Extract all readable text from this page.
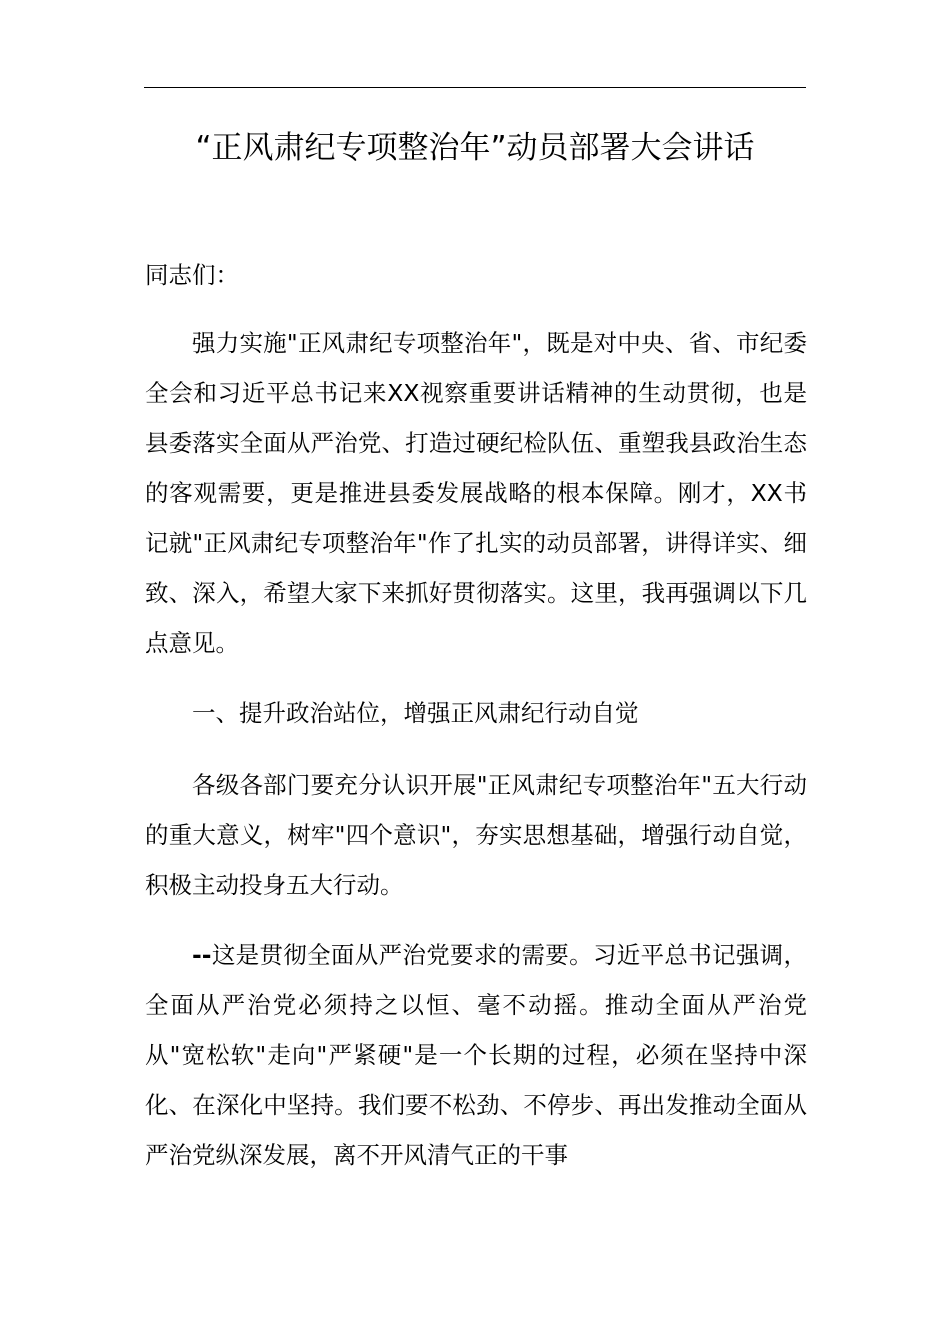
“正风肃纪专项整治年”动员部署大会讲话

同志们：

强力实施"正风肃纪专项整治年"，既是对中央、省、市纪委全会和习近平总书记来XX视察重要讲话精神的生动贯彻，也是县委落实全面从严治党、打造过硬纪检队伍、重塑我县政治生态的客观需要，更是推进县委发展战略的根本保障。刚才，XX书记就"正风肃纪专项整治年"作了扎实的动员部署，讲得详实、细致、深入，希望大家下来抓好贯彻落实。这里，我再强调以下几点意见。

一、提升政治站位，增强正风肃纪行动自觉

各级各部门要充分认识开展"正风肃纪专项整治年"五大行动的重大意义，树牢"四个意识"，夯实思想基础，增强行动自觉，积极主动投身五大行动。

--这是贯彻全面从严治党要求的需要。习近平总书记强调，全面从严治党必须持之以恒、毫不动摇。推动全面从严治党从"宽松软"走向"严紧硬"是一个长期的过程，必须在坚持中深化、在深化中坚持。我们要不松劲、不停步、再出发推动全面从严治党纵深发展，离不开风清气正的干事
